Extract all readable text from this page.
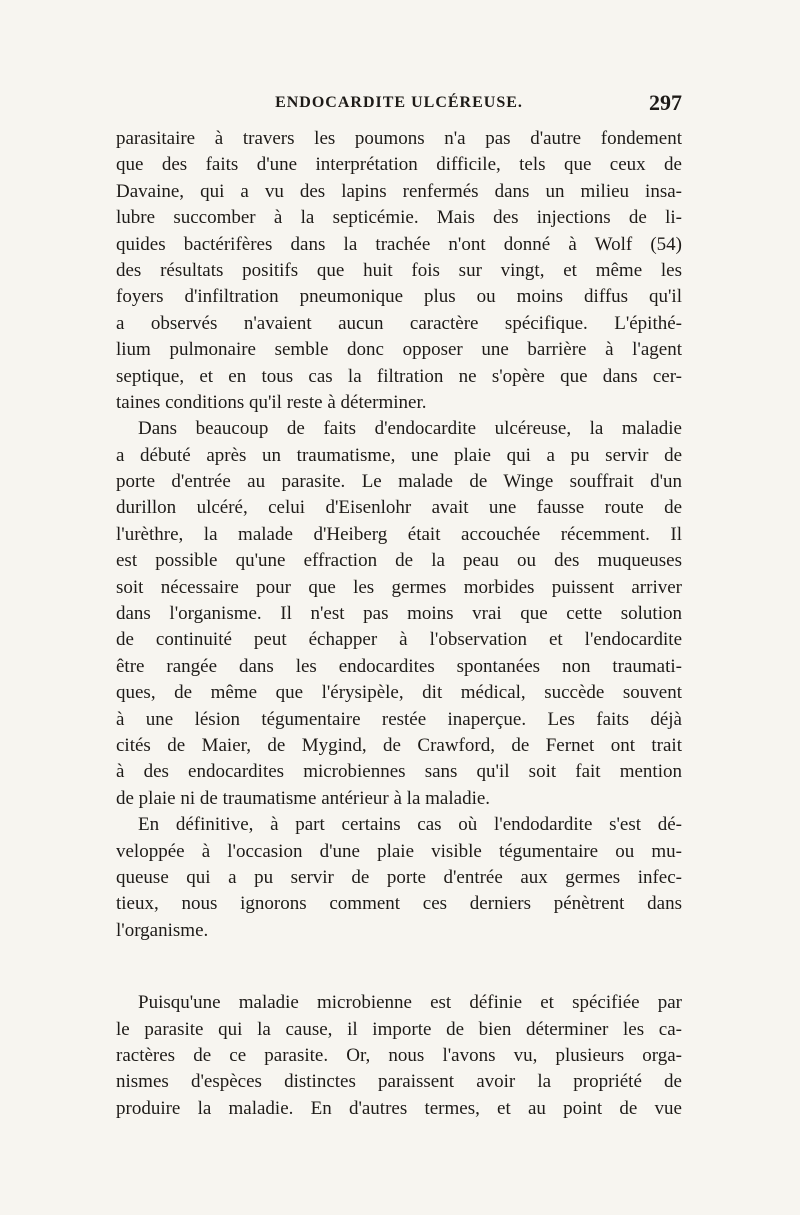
ENDOCARDITE ULCÉREUSE.	297
parasitaire à travers les poumons n'a pas d'autre fondement
que des faits d'une interprétation difficile, tels que ceux de
Davaine, qui a vu des lapins renfermés dans un milieu insa-
lubre succomber à la septicémie. Mais des injections de li-
quides bactérifères dans la trachée n'ont donné à Wolf (54)
des résultats positifs que huit fois sur vingt, et même les
foyers d'infiltration pneumonique plus ou moins diffus qu'il
a observés n'avaient aucun caractère spécifique. L'épithé-
lium pulmonaire semble donc opposer une barrière à l'agent
septique, et en tous cas la filtration ne s'opère que dans cer-
taines conditions qu'il reste à déterminer.
Dans beaucoup de faits d'endocardite ulcéreuse, la maladie
a débuté après un traumatisme, une plaie qui a pu servir de
porte d'entrée au parasite. Le malade de Winge souffrait d'un
durillon ulcéré, celui d'Eisenlohr avait une fausse route de
l'urèthre, la malade d'Heiberg était accouchée récemment. Il
est possible qu'une effraction de la peau ou des muqueuses
soit nécessaire pour que les germes morbides puissent arriver
dans l'organisme. Il n'est pas moins vrai que cette solution
de continuité peut échapper à l'observation et l'endocardite
être rangée dans les endocardites spontanées non traumati-
ques, de même que l'érysipèle, dit médical, succède souvent
à une lésion tégumentaire restée inaperçue. Les faits déjà
cités de Maier, de Mygind, de Crawford, de Fernet ont trait
à des endocardites microbiennes sans qu'il soit fait mention
de plaie ni de traumatisme antérieur à la maladie.
En définitive, à part certains cas où l'endodardite s'est dé-
veloppée à l'occasion d'une plaie visible tégumentaire ou mu-
queuse qui a pu servir de porte d'entrée aux germes infec-
tieux, nous ignorons comment ces derniers pénètrent dans
l'organisme.
Puisqu'une maladie microbienne est définie et spécifiée par
le parasite qui la cause, il importe de bien déterminer les ca-
ractères de ce parasite. Or, nous l'avons vu, plusieurs orga-
nismes d'espèces distinctes paraissent avoir la propriété de
produire la maladie. En d'autres termes, et au point de vue
